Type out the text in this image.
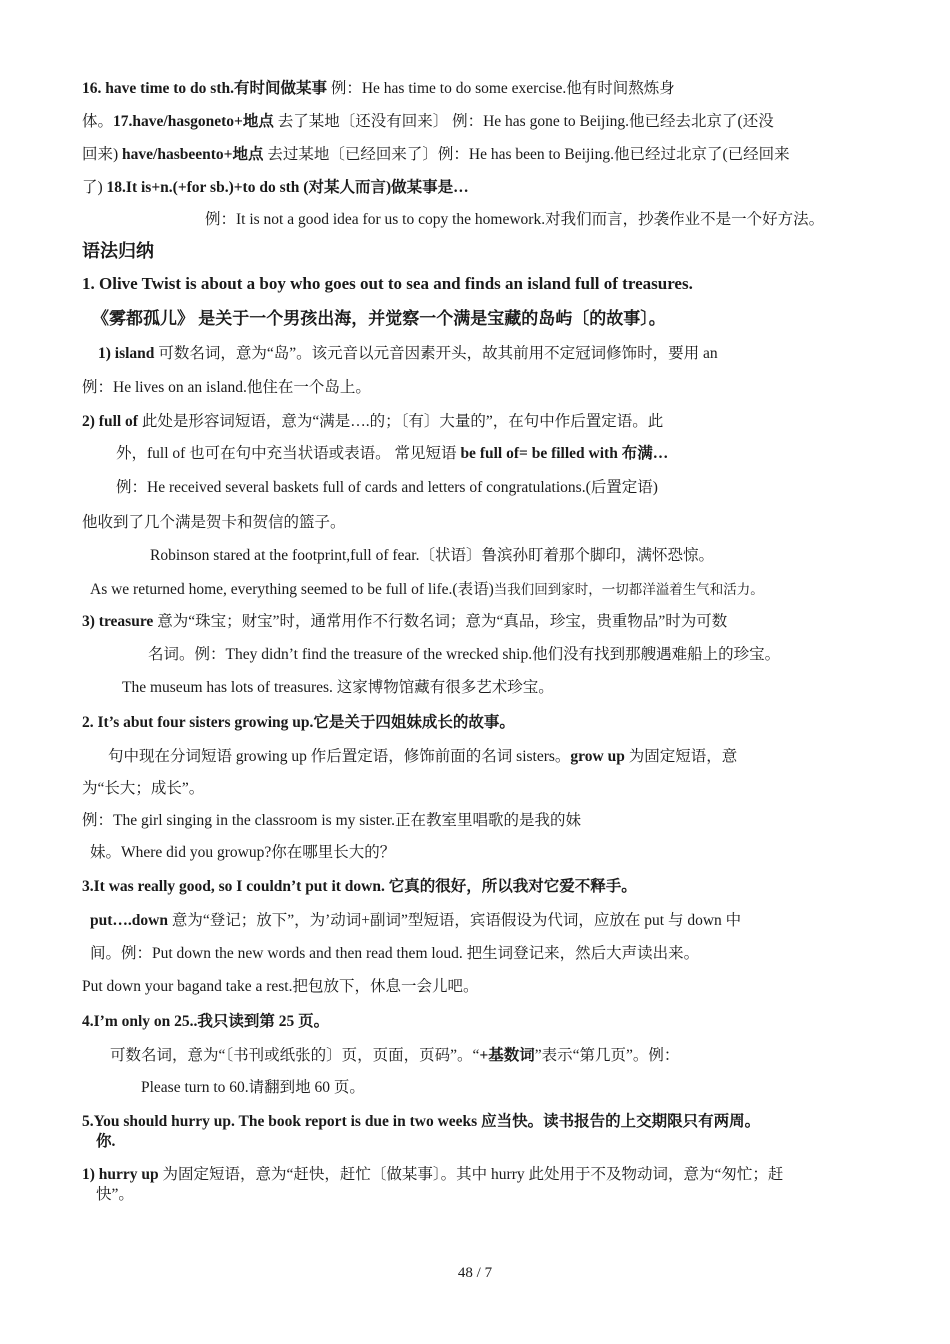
16. have time to do sth.有时间做某事 例：He has time to do some exercise.他有时间熬炼身
体。17.have/hasgoneto+地点 去了某地〔还没有回来〕 例：He has gone to Beijing.他已经去北京了(还没
回来) have/hasbeento+地点 去过某地〔已经回来了〕例：He has been to Beijing.他已经过北京了(已经回来
了) 18.It is+n.(+for sb.)+to do sth (对某人而言)做某事是…
例：It is not a good idea for us to copy the homework.对我们而言，抄袭作业不是一个好方法。
语法归纳
1. Olive Twist is about a boy who goes out to sea and finds an island full of treasures.
《雾都孤儿》 是关于一个男孩出海，并觉察一个满是宝藏的岛屿〔的故事〕。
1) island 可数名词，意为“岛”。该元音以元音因素开头，故其前用不定冠词修饰时，要用 an
例：He lives on an island.他住在一个岛上。
2) full of 此处是形容词短语，意为“满是….的；〔有〕大量的”，在句中作后置定语。此
外，full of 也可在句中充当状语或表语。 常见短语 be full of= be filled with 布满…
例：He received several baskets full of cards and letters of congratulations.(后置定语)
他收到了几个满是贺卡和贺信的篮子。
Robinson stared at the footprint,full of fear.〔状语〕鲁滨孙盯着那个脚印，满怀恐惊。
As we returned home, everything seemed to be full of life.(表语)当我们回到家时，一切都洋溢着生气和活力。
3) treasure 意为“珠宝；财宝”时，通常用作不行数名词；意为“真品，珍宝，贵重物品”时为可数
名词。例：They didn’t find the treasure of the wrecked ship.他们没有找到那艘遇难船上的珍宝。
The museum has lots of treasures. 这家博物馆藏有很多艺术珍宝。
2. It’s abut four sisters growing up.它是关于四姐妹成长的故事。
句中现在分词短语 growing up 作后置定语，修饰前面的名词 sisters。grow up 为固定短语，意
为“长大；成长”。
例：The girl singing in the classroom is my sister.正在教室里唱歌的是我的妹
妹。Where did you growup?你在哪里长大的？
3.It was really good, so I couldn’t put it down. 它真的很好，所以我对它爱不释手。
put….down 意为“登记；放下”，为’动词+副词”型短语，宾语假设为代词，应放在 put 与 down 中
间。例：Put down the new words and then read them loud. 把生词登记来，然后大声读出来。
Put down your bagand take a rest.把包放下，休息一会儿吧。
4.I’m only on 25..我只读到第 25 页。
可数名词，意为“〔书刊或纸张的〕页，页面，页码”。“+基数词”表示“第几页”。例：
Please turn to 60.请翻到地 60 页。
5.You should hurry up. The book report is due in two weeks 应当快。读书报告的上交期限只有两周。
你.
1) hurry up 为固定短语，意为“赶快，赶忙〔做某事〕。其中 hurry 此处用于不及物动词，意为“匆忙；赶
快”。
48 / 7
